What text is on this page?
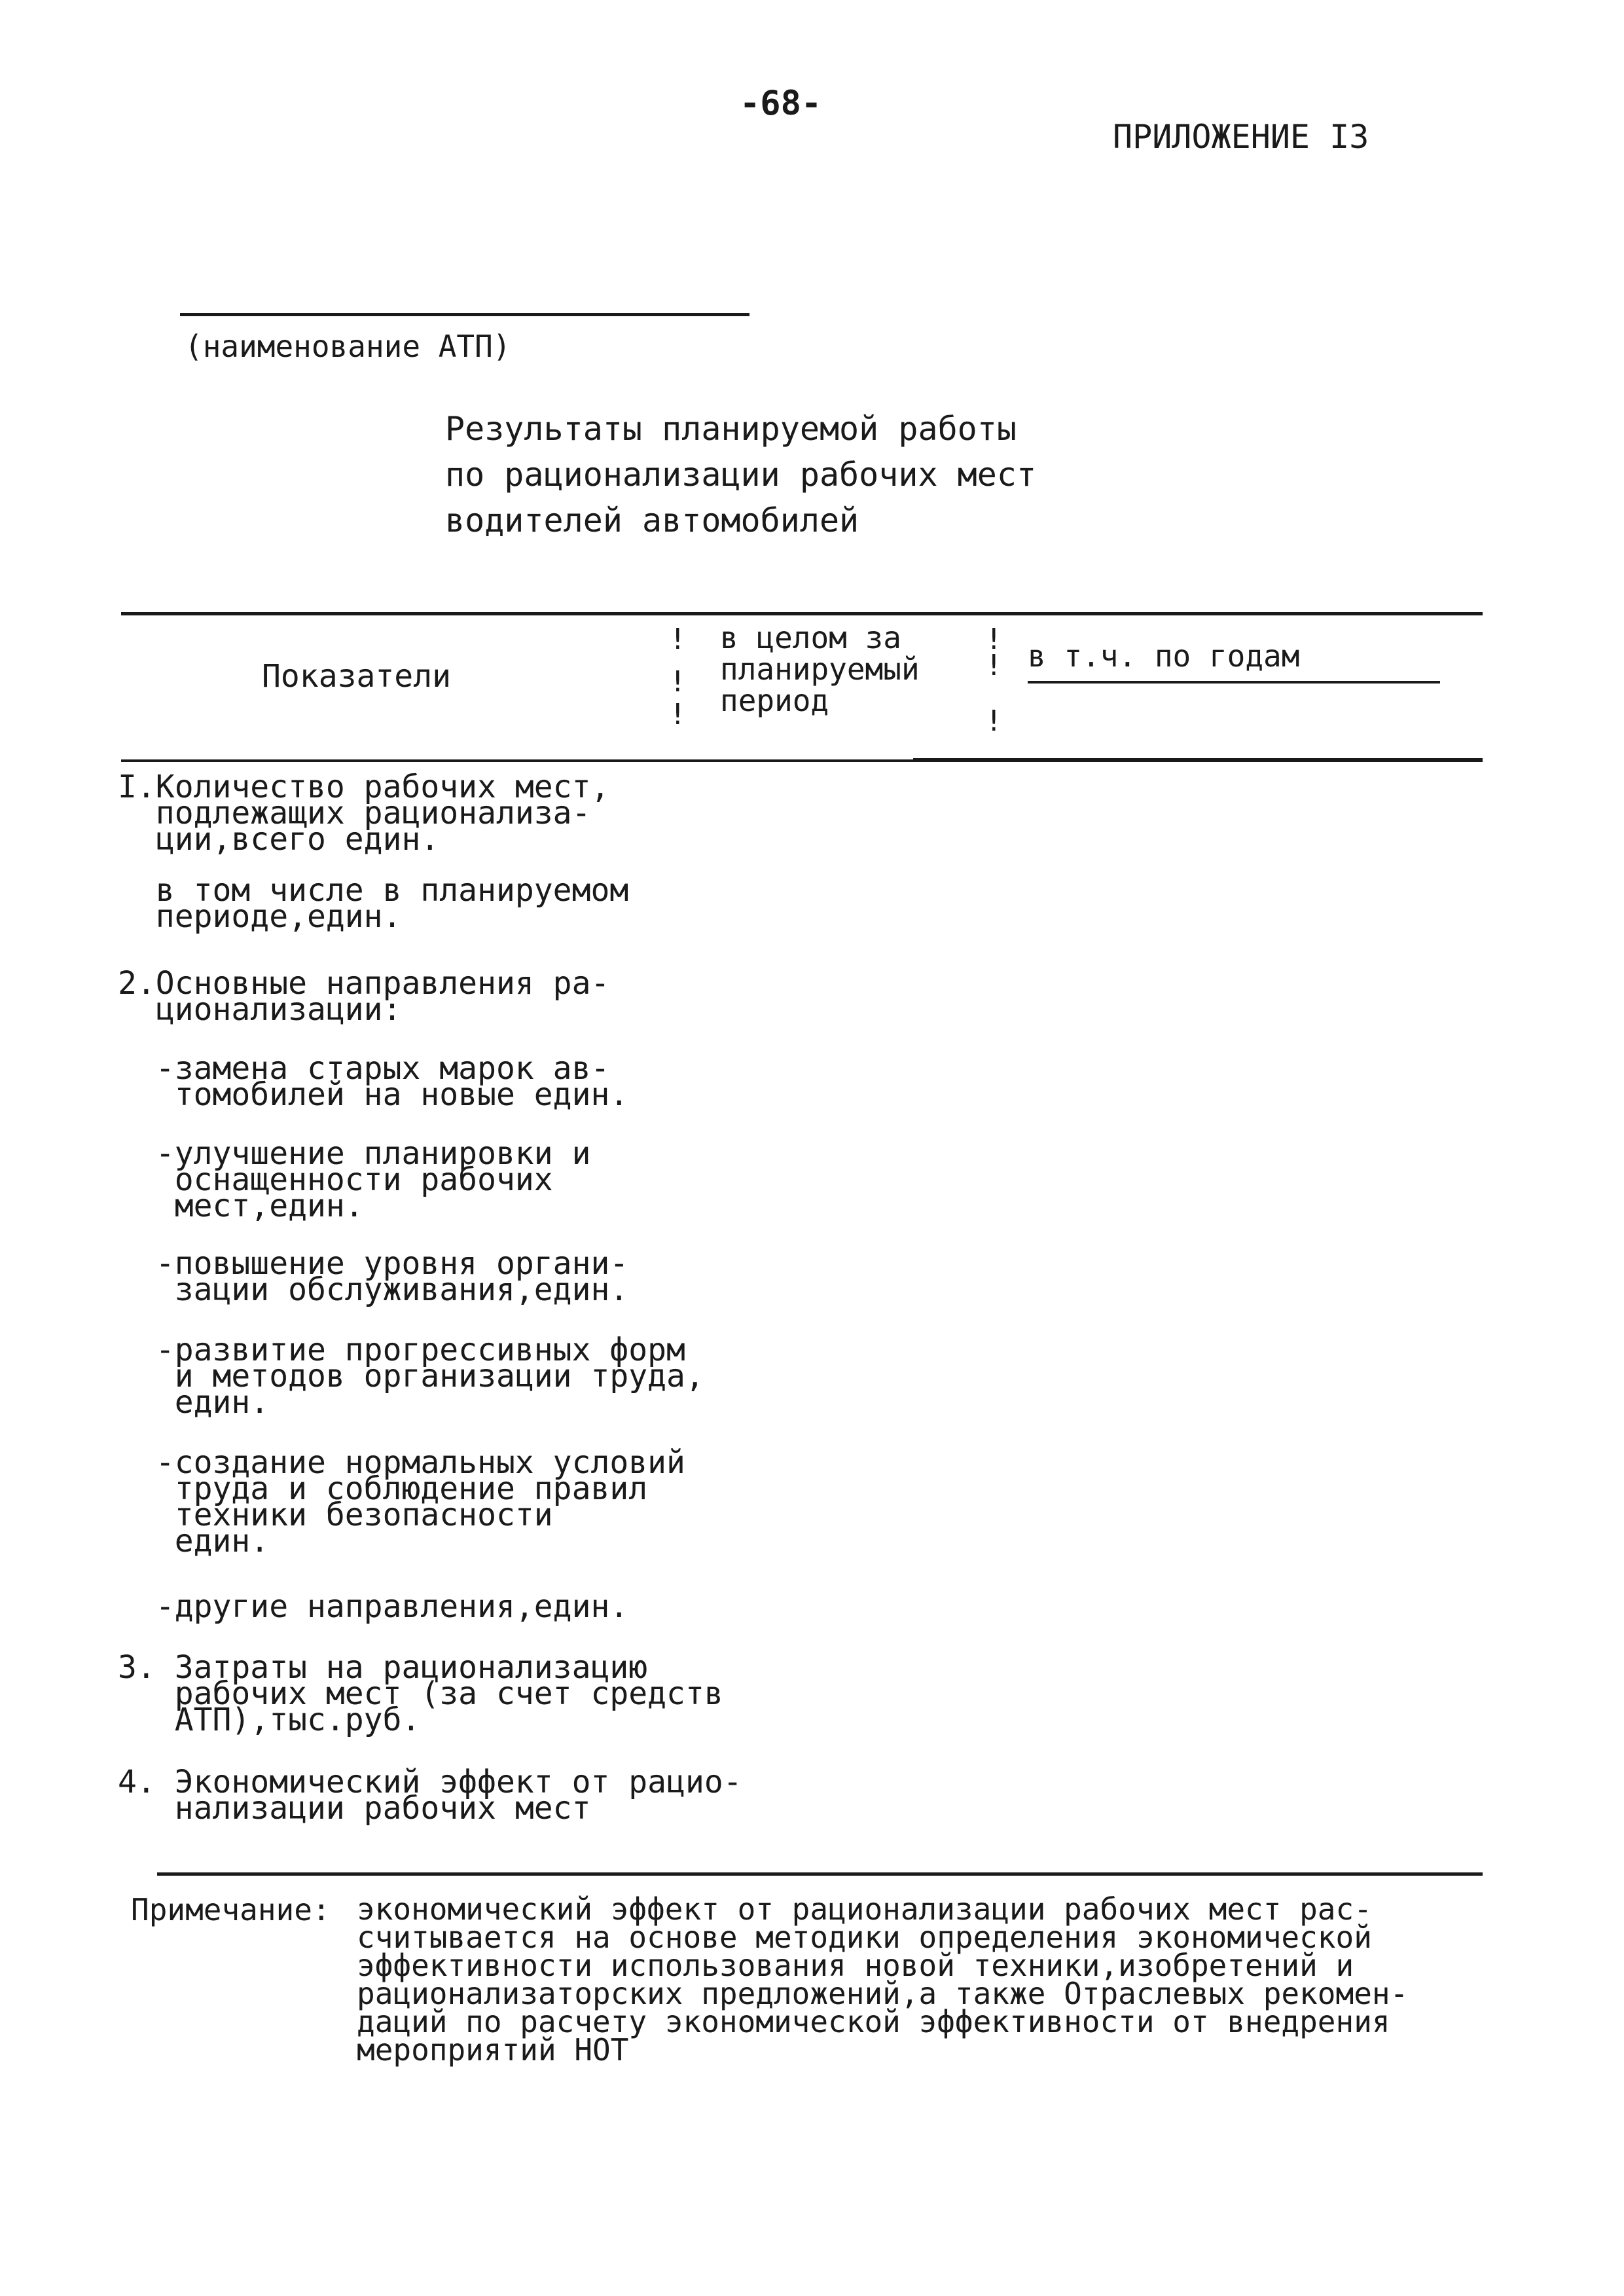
-68-
ПРИЛОЖЕНИЕ I3
(наименование АТП)
Результаты планируемой работы
по рационализации рабочих мест
водителей автомобилей
Показатели
!
!
!
в целом за
планируемый
период
!
!
!
в т.ч. по годам
I.Количество рабочих мест,
подлежащих рационализа-
ции,всего един.
в том числе в планируемом
периоде,един.
2.Основные направления ра-
ционализации:
-замена старых марок ав-
томобилей на новые един.
-улучшение планировки и
оснащенности рабочих
мест,един.
-повышение уровня органи-
зации обслуживания,един.
-развитие прогрессивных форм
и методов организации труда,
един.
-создание нормальных условий
труда и соблюдение правил
техники безопасности
един.
-другие направления,един.
3. Затраты на рационализацию
рабочих мест (за счет средств
АТП),тыс.руб.
4. Экономический эффект от рацио-
нализации рабочих мест
Примечание: экономический эффект от рационализации рабочих мест рас-
считывается на основе методики определения экономической
эффективности использования новой техники,изобретений и
рационализаторских предложений,а также Отраслевых рекомен-
даций по расчету экономической эффективности от внедрения
мероприятий НОТ
